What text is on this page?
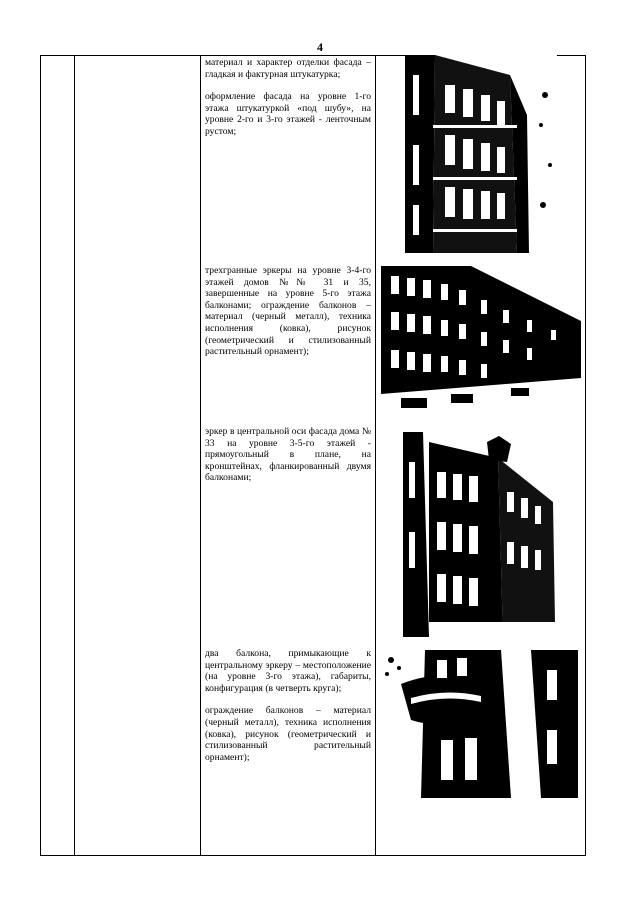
4

материал и характер отделки фасада – гладкая и фактурная штукатурка;

оформление фасада на уровне 1-го этажа штукатуркой «под шубу», на уровне 2-го и 3-го этажей - ленточным рустом;

трехгранные эркеры на уровне 3-4-го этажей домов №№ 31 и 35, завершенные на уровне 5-го этажа балконами; ограждение балконов – материал (черный металл), техника исполнения (ковка), рисунок (геометрический и стилизованный растительный орнамент);

эркер в центральной оси фасада дома № 33 на уровне 3-5-го этажей - прямоугольный в плане, на кронштейнах, фланкированный двумя балконами;

два балкона, примыкающие к центральному эркеру – местоположение (на уровне 3-го этажа), габариты, конфигурация (в четверть круга);

ограждение балконов – материал (черный металл), техника исполнения (ковка), рисунок (геометрический и стилизованный растительный орнамент);
